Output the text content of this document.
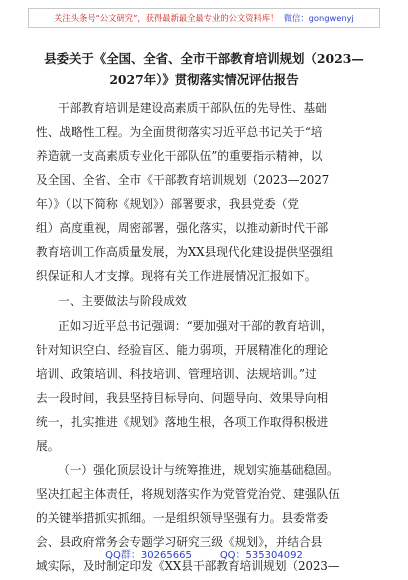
关注头条号“公文研究”，获得最新最全最专业的公文资料库！ 微信：gongwenyj
县委关于《全国、全省、全市干部教育培训规划（2023—
2027年）》贯彻落实情况评估报告
干部教育培训是建设高素质干部队伍的先导性、基础
性、战略性工程。为全面贯彻落实习近平总书记关于“培
养造就一支高素质专业化干部队伍”的重要指示精神，以
及全国、全省、全市《干部教育培训规划（2023—2027
年）》（以下简称《规划》）部署要求，我县党委（党
组）高度重视，周密部署，强化落实，以推动新时代干部
教育培训工作高质量发展，为XX县现代化建设提供坚强组
织保证和人才支撑。现将有关工作进展情况汇报如下。
一、主要做法与阶段成效
正如习近平总书记强调：“要加强对干部的教育培训，
针对知识空白、经验盲区、能力弱项，开展精准化的理论
培训、政策培训、科技培训、管理培训、法规培训。”过
去一段时间，我县坚持目标导向、问题导向、效果导向相
统一，扎实推进《规划》落地生根，各项工作取得积极进
展。
（一）强化顶层设计与统筹推进，规划实施基础稳固。
坚决扛起主体责任，将规划落实作为党管党治党、建强队伍
的关键举措抓实抓细。一是组织领导坚强有力。县委常委
会、县政府常务会专题学习研究三级《规划》，并结合县
域实际，及时制定印发《XX县干部教育培训规划（2023—
QQ群：30265665	QQ：535304092
